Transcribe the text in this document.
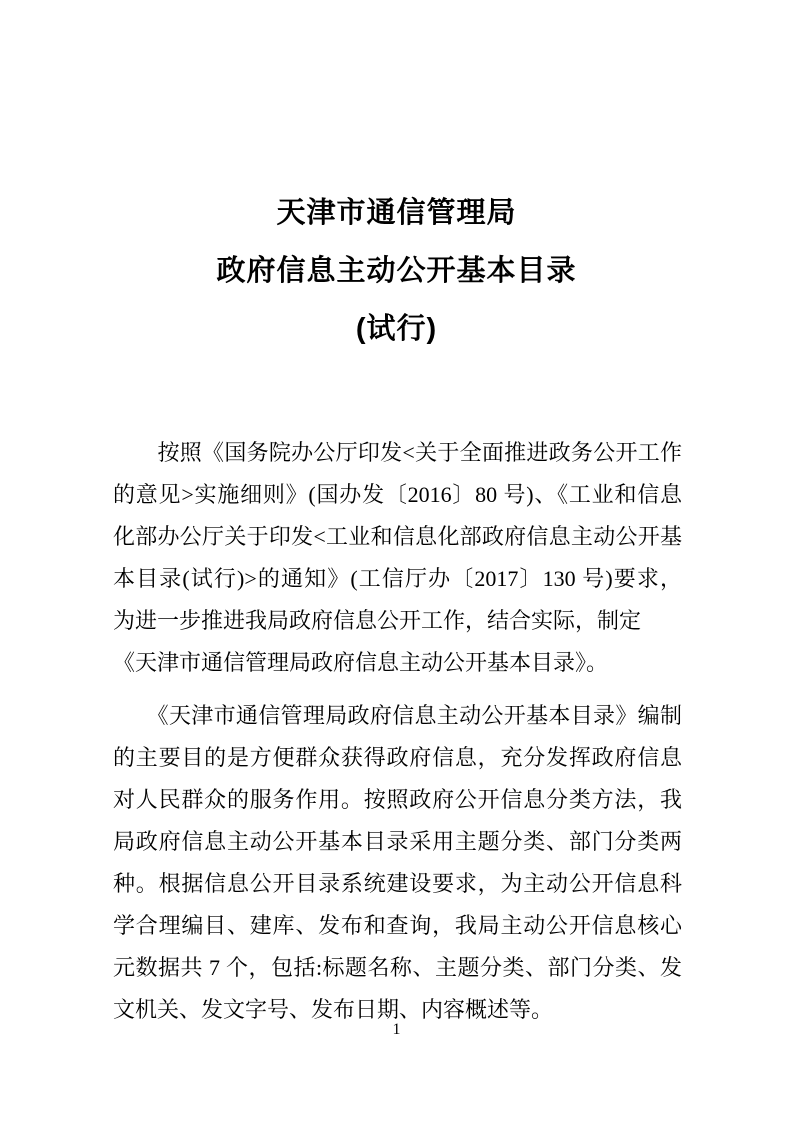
天津市通信管理局
政府信息主动公开基本目录
(试行)
　　按照《国务院办公厅印发<关于全面推进政务公开工作
的意见>实施细则》(国办发〔2016〕80 号)、《工业和信息
化部办公厅关于印发<工业和信息化部政府信息主动公开基
本目录(试行)>的通知》(工信厅办〔2017〕130 号)要求，
为进一步推进我局政府信息公开工作，结合实际，制定
《天津市通信管理局政府信息主动公开基本目录》。
　　《天津市通信管理局政府信息主动公开基本目录》编制
的主要目的是方便群众获得政府信息，充分发挥政府信息
对人民群众的服务作用。按照政府公开信息分类方法，我
局政府信息主动公开基本目录采用主题分类、部门分类两
种。根据信息公开目录系统建设要求，为主动公开信息科
学合理编目、建库、发布和查询，我局主动公开信息核心
元数据共 7 个，包括:标题名称、主题分类、部门分类、发
文机关、发文字号、发布日期、内容概述等。
1
